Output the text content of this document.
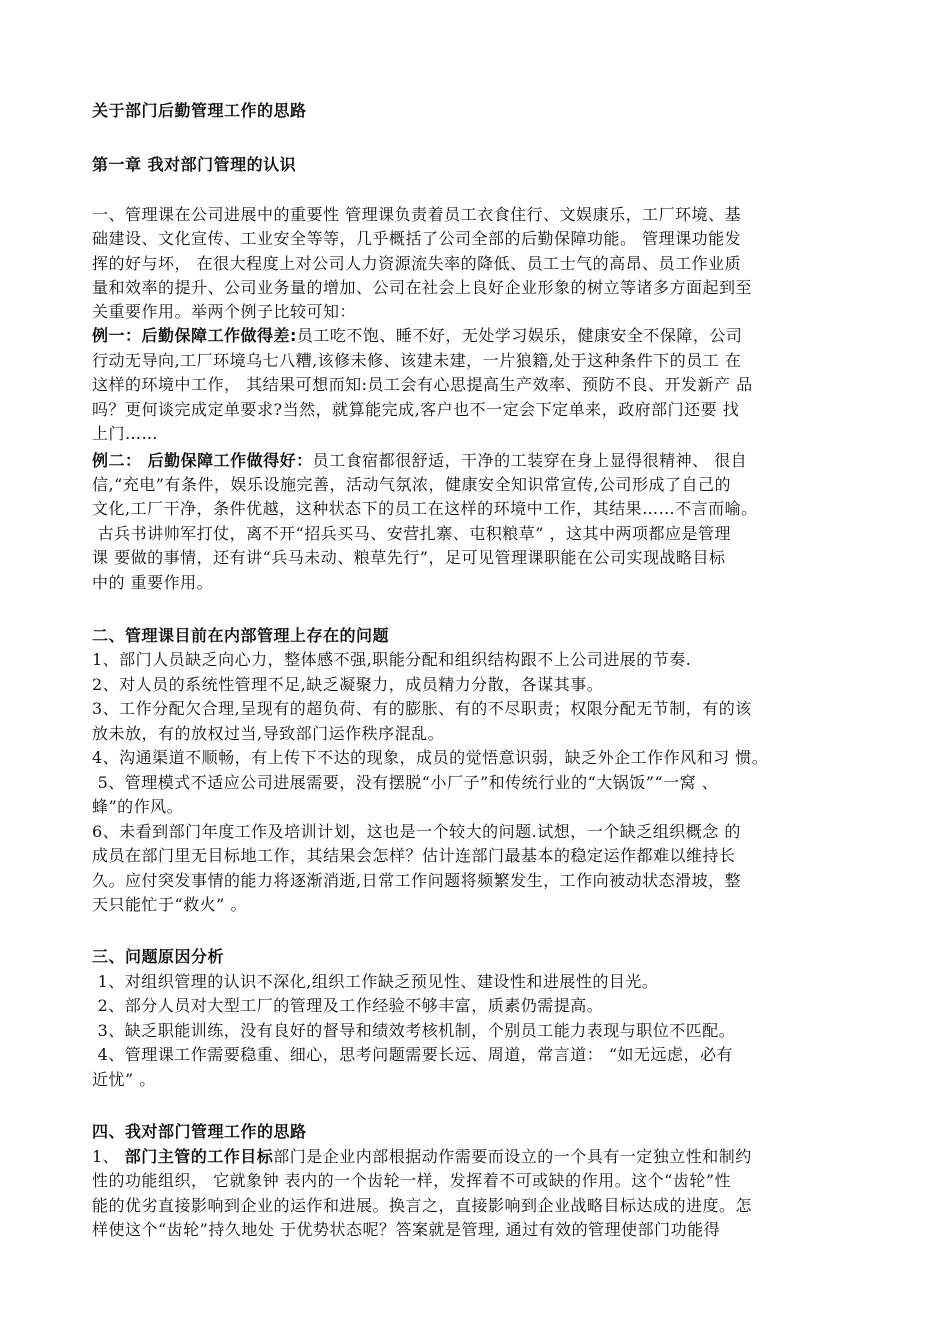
关于部门后勤管理工作的思路
第一章 我对部门管理的认识
一、管理课在公司进展中的重要性 管理课负责着员工衣食住行、文娱康乐，工厂环境、基
础建设、文化宣传、工业安全等等，几乎概括了公司全部的后勤保障功能。 管理课功能发
挥的好与坏， 在很大程度上对公司人力资源流失率的降低、员工士气的高昂、员工作业质
量和效率的提升、公司业务量的增加、公司在社会上良好企业形象的树立等诸多方面起到至
关重要作用。举两个例子比较可知：
例一：后勤保障工作做得差:员工吃不饱、睡不好，无处学习娱乐，健康安全不保障，公司
行动无导向,工厂环境乌七八糟,该修未修、该建未建，一片狼籍,处于这种条件下的员工 在
这样的环境中工作， 其结果可想而知:员工会有心思提高生产效率、预防不良、开发新产 品
吗？更何谈完成定单要求?当然，就算能完成,客户也不一定会下定单来，政府部门还要 找
上门……
例二： 后勤保障工作做得好：员工食宿都很舒适，干净的工装穿在身上显得很精神、 很自
信,“充电”有条件，娱乐设施完善，活动气氛浓，健康安全知识常宣传,公司形成了自己的
文化,工厂干净，条件优越，这种状态下的员工在这样的环境中工作，其结果……不言而喻。
古兵书讲帅军打仗，离不开“招兵买马、安营扎寨、屯积粮草” ，这其中两项都应是管理
课 要做的事情，还有讲“兵马未动、粮草先行”，足可见管理课职能在公司实现战略目标
中的 重要作用。
二、管理课目前在内部管理上存在的问题
1、部门人员缺乏向心力，整体感不强,职能分配和组织结构跟不上公司进展的节奏.
2、对人员的系统性管理不足,缺乏凝聚力，成员精力分散，各谋其事。
3、工作分配欠合理,呈现有的超负荷、有的膨胀、有的不尽职责；权限分配无节制，有的该
放未放，有的放权过当,导致部门运作秩序混乱。
4、沟通渠道不顺畅，有上传下不达的现象，成员的觉悟意识弱，缺乏外企工作作风和习 惯。
5、管理模式不适应公司进展需要，没有摆脱“小厂子”和传统行业的“大锅饭”“一窝 、
蜂”的作风。
6、未看到部门年度工作及培训计划，这也是一个较大的问题.试想，一个缺乏组织概念 的
成员在部门里无目标地工作，其结果会怎样？估计连部门最基本的稳定运作都难以维持长
久。应付突发事情的能力将逐渐消逝,日常工作问题将频繁发生，工作向被动状态滑坡，整
天只能忙于“救火” 。
三、问题原因分析
1、对组织管理的认识不深化,组织工作缺乏预见性、建设性和进展性的目光。
2、部分人员对大型工厂的管理及工作经验不够丰富，质素仍需提高。
3、缺乏职能训练，没有良好的督导和绩效考核机制，个别员工能力表现与职位不匹配。
4、管理课工作需要稳重、细心，思考问题需要长远、周道，常言道： “如无远虑，必有
近忧” 。
四、我对部门管理工作的思路
1、 部门主管的工作目标部门是企业内部根据动作需要而设立的一个具有一定独立性和制约
性的功能组织， 它就象钟 表内的一个齿轮一样，发挥着不可或缺的作用。这个“齿轮”性
能的优劣直接影响到企业的运作和进展。换言之，直接影响到企业战略目标达成的进度。怎
样使这个“齿轮”持久地处 于优势状态呢？答案就是管理, 通过有效的管理使部门功能得
